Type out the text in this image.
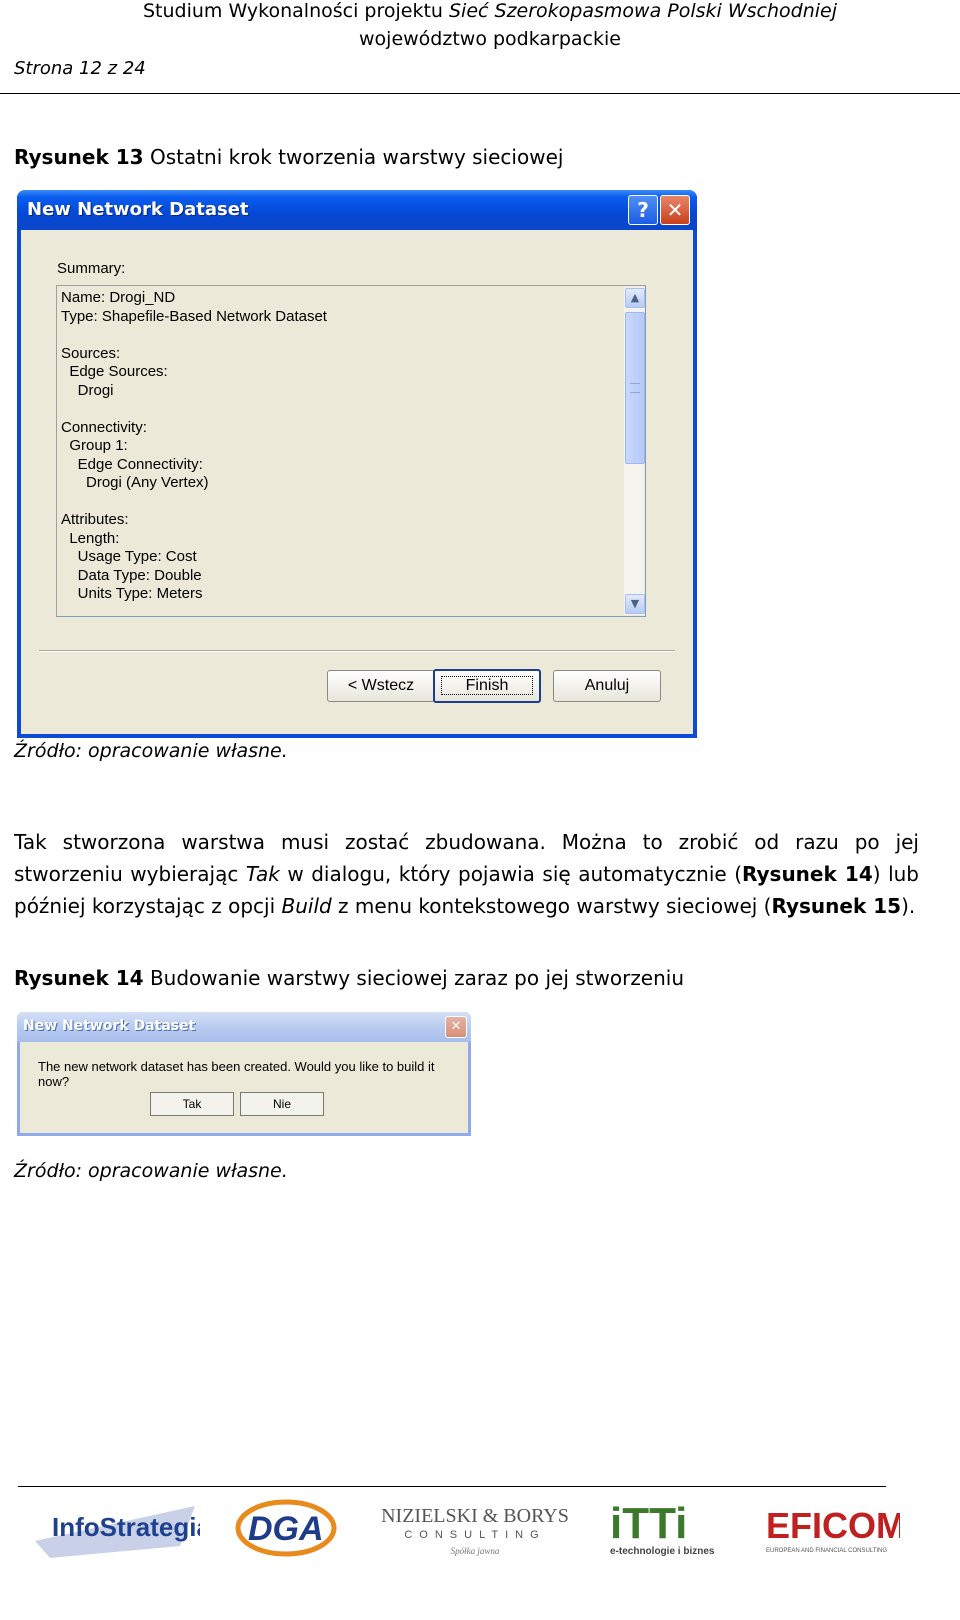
Studium Wykonalności projektu Sieć Szerokopasmowa Polski Wschodniej
województwo podkarpackie
Strona 12 z 24
Rysunek 13 Ostatni krok tworzenia warstwy sieciowej
New Network Dataset	? ✕
Summary:
Name: Drogi_ND
Type: Shapefile-Based Network Dataset

Sources:
Edge Sources:
Drogi

Connectivity:
Group 1:
Edge Connectivity:
Drogi (Any Vertex)

Attributes:
Length:
Usage Type: Cost
Data Type: Double
Units Type: Meters
▲
▼
< Wstecz	Finish	Anuluj
Źródło: opracowanie własne.
Tak stworzona warstwa musi zostać zbudowana. Można to zrobić od razu po jej stworzeniu wybierając Tak w dialogu, który pojawia się automatycznie (Rysunek 14) lub później korzystając z opcji Build z menu kontekstowego warstwy sieciowej (Rysunek 15).
Rysunek 14 Budowanie warstwy sieciowej zaraz po jej stworzeniu
New Network Dataset	✕
The new network dataset has been created. Would you like to build it now?
Tak	Nie
Źródło: opracowanie własne.
InfoStrategia DGA	NIZIELSKI & BORYS
CONSULTING
Spółka jawna
iTTi
e-technologie i biznes
EFICOM
EUROPEAN AND FINANCIAL CONSULTING
